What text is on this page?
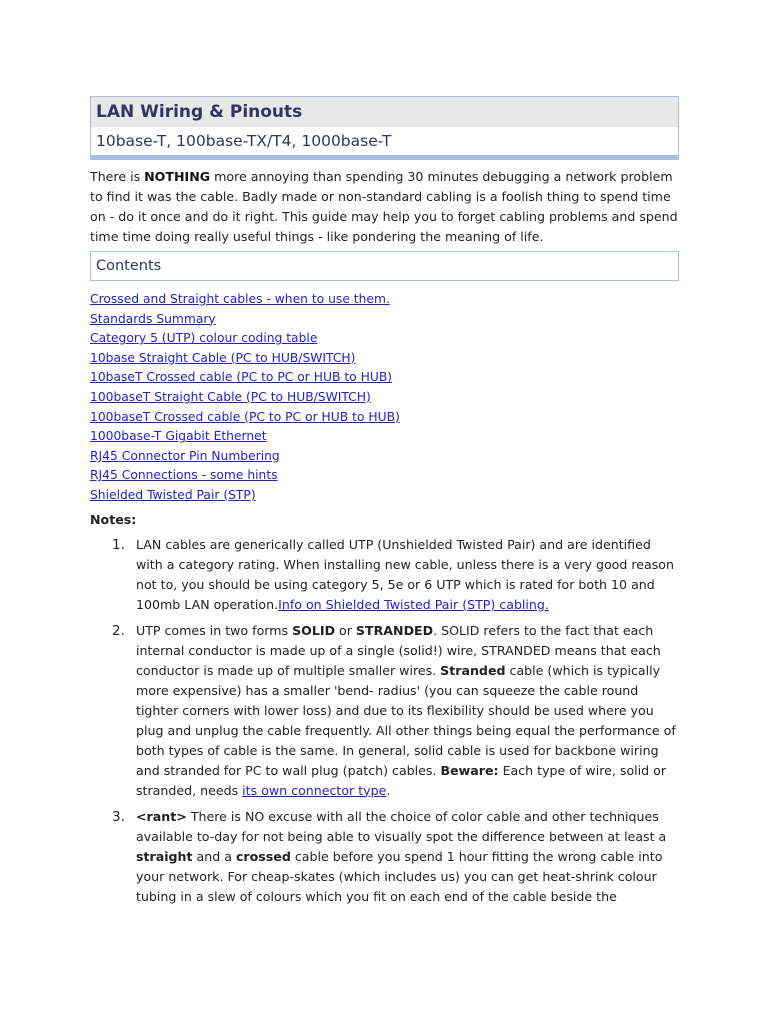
LAN Wiring & Pinouts
10base-T, 100base-TX/T4, 1000base-T
There is NOTHING more annoying than spending 30 minutes debugging a network problem to find it was the cable. Badly made or non-standard cabling is a foolish thing to spend time on - do it once and do it right. This guide may help you to forget cabling problems and spend time time doing really useful things - like pondering the meaning of life.
Contents
Crossed and Straight cables - when to use them.
Standards Summary
Category 5 (UTP) colour coding table
10base Straight Cable (PC to HUB/SWITCH)
10baseT Crossed cable (PC to PC or HUB to HUB)
100baseT Straight Cable (PC to HUB/SWITCH)
100baseT Crossed cable (PC to PC or HUB to HUB)
1000base-T Gigabit Ethernet
RJ45 Connector Pin Numbering
RJ45 Connections - some hints
Shielded Twisted Pair (STP)
Notes:
1. LAN cables are generically called UTP (Unshielded Twisted Pair) and are identified with a category rating. When installing new cable, unless there is a very good reason not to, you should be using category 5, 5e or 6 UTP which is rated for both 10 and 100mb LAN operation.Info on Shielded Twisted Pair (STP) cabling.
2. UTP comes in two forms SOLID or STRANDED. SOLID refers to the fact that each internal conductor is made up of a single (solid!) wire, STRANDED means that each conductor is made up of multiple smaller wires. Stranded cable (which is typically more expensive) has a smaller 'bend- radius' (you can squeeze the cable round tighter corners with lower loss) and due to its flexibility should be used where you plug and unplug the cable frequently. All other things being equal the performance of both types of cable is the same. In general, solid cable is used for backbone wiring and stranded for PC to wall plug (patch) cables. Beware: Each type of wire, solid or stranded, needs its own connector type.
3. <rant> There is NO excuse with all the choice of color cable and other techniques available to-day for not being able to visually spot the difference between at least a straight and a crossed cable before you spend 1 hour fitting the wrong cable into your network. For cheap-skates (which includes us) you can get heat-shrink colour tubing in a slew of colours which you fit on each end of the cable beside the
